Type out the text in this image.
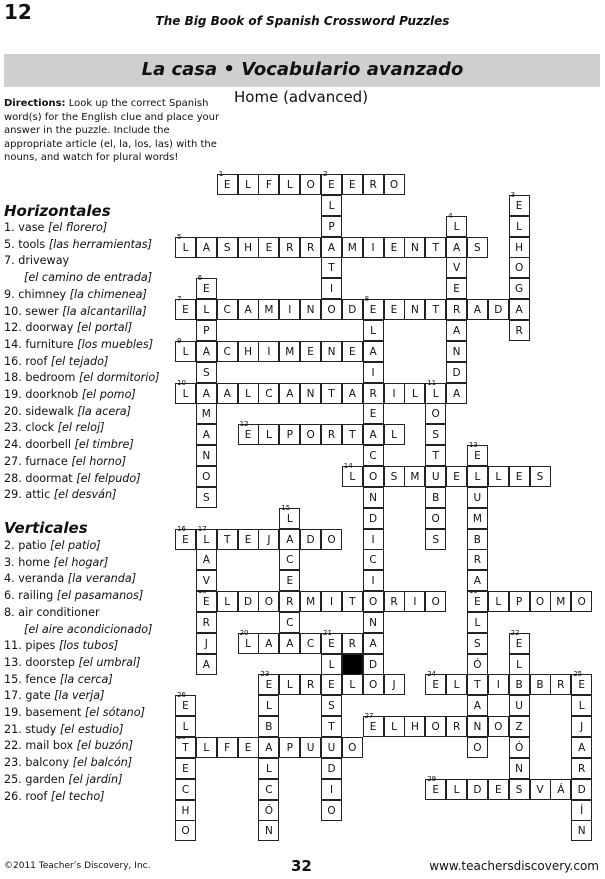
12	The Big Book of Spanish Crossword Puzzles
La casa • Vocabulario avanzado
Home (advanced)
Directions: Look up the correct Spanish word(s) for the English clue and place your answer in the puzzle. Include the appropriate article (el, la, los, las) with the nouns, and watch for plural words!
Horizontales
1. vase [el florero]
5. tools [las herramientas]
7. driveway
[el camino de entrada]
9. chimney [la chimenea]
10. sewer [la alcantarilla]
12. doorway [el portal]
14. furniture [los muebles]
16. roof [el tejado]
18. bedroom [el dormitorio]
19. doorknob [el pomo]
20. sidewalk [la acera]
23. clock [el reloj]
24. doorbell [el timbre]
27. furnace [el horno]
28. doormat [el felpudo]
29. attic [el desván]
Verticales
2. patio [el patio]
3. home [el hogar]
4. veranda [la veranda]
6. railing [el pasamanos]
8. air conditioner
[el aire acondicionado]
11. pipes [los tubos]
13. doorstep [el umbral]
15. fence [la cerca]
17. gate [la verja]
19. basement [el sótano]
21. study [el estudio]
22. mail box [el buzón]
23. balcony [el balcón]
25. garden [el jardín]
26. roof [el techo]
E
1
L	F	L	O	E
2
E	R	O
L
5
A	S	H	E	R	R	A	M	I	E	N	T	A	S
E
7
L	C	A	M	I	N	O	D	E
8
E	N	T	R	A	D	A
L
9
A	C	H	I	M	E	N	E	A
L
10
A	A	L	C	A	N	T	A	R	I	L	L
11
A
E
12
L	P	O	R	T	A	L
L
14
O	S	M	U	E	L	L	E	S
E
16
L
17
T	E	J	A	D	O
E	L	D	O	R	M	I	T	O	R	I	O	E	L	P	O	M	O
L
20
A	A	C	E
21
R	A
E
23
L	R	E	L	O	J	E
24
L	T	I	B	B	R	E
25
E
27
L	H	O	R	N	O
T	L	F	E	A	P	U	U	O
E
29
L	D	E	S	V	Á	D
L
P
T
I
E
3
L
H
O
G
R
L
4
V
E
A
N
D
E
6
P
S
M
A
N
O
S
L
I
E
C
N
D
I
C
I
N
D
O
S
T
B
O
S
E
13
U
M
B
R
A
L
15
C
E
C
A
V
R
J
A
L
S
Ó
A
O
L
S
T
D
I
O
E
22
L
U
Z
Ó
N
L
B
L
C
Ó
N
L
J
A
R
Í
N
E
26
L
E
C
H
O
©2011 Teacher’s Discovery, Inc.	32	www.teachersdiscovery.com
